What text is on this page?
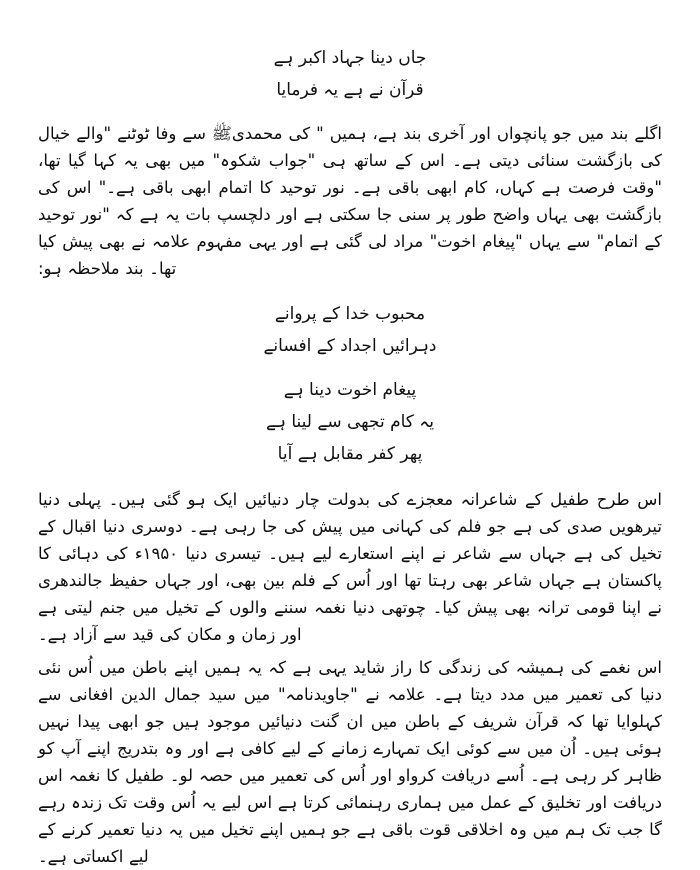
جاں دینا جہاد اکبر ہے
قرآن نے ہے یہ فرمایا

اگلے بند میں جو پانچواں اور آخری بند ہے، ہمیں " کی محمدیﷺ سے وفا ٹوٹنے "والے خیال کی بازگشت سنائی دیتی ہے۔ اس کے ساتھ ہی "جواب شکوہ" میں بھی یہ کہا گیا تھا، "وقت فرصت ہے کہاں، کام ابھی باقی ہے۔ نور توحید کا اتمام ابھی باقی ہے۔" اس کی بازگشت بھی یہاں واضح طور پر سنی جا سکتی ہے اور دلچسپ بات یہ ہے کہ "نور توحید کے اتمام" سے یہاں "پیغام اخوت" مراد لی گئی ہے اور یہی مفہوم علامہ نے بھی پیش کیا تھا۔ بند ملاحظہ ہو:

محبوب خدا کے پروانے
دہرائیں اجداد کے افسانے
پیغام اخوت دینا ہے
یہ کام تجھی سے لینا ہے
پھر کفر مقابل ہے آیا

اس طرح طفیل کے شاعرانہ معجزے کی بدولت چار دنیائیں ایک ہو گئی ہیں۔ پہلی دنیا تیرھویں صدی کی ہے جو فلم کی کہانی میں پیش کی جا رہی ہے۔ دوسری دنیا اقبال کے تخیل کی ہے جہاں سے شاعر نے اپنے استعارے لیے ہیں۔ تیسری دنیا ۱۹۵۰ء کی دہائی کا پاکستان ہے جہاں شاعر بھی رہتا تھا اور اُس کے فلم بین بھی، اور جہاں حفیظ جالندھری نے اپنا قومی ترانہ بھی پیش کیا۔ چوتھی دنیا نغمہ سننے والوں کے تخیل میں جنم لیتی ہے اور زمان و مکان کی قید سے آزاد ہے۔

اس نغمے کی ہمیشہ کی زندگی کا راز شاید یہی ہے کہ یہ ہمیں اپنے باطن میں اُس نئی دنیا کی تعمیر میں مدد دیتا ہے۔ علامہ نے "جاویدنامہ" میں سید جمال الدین افغانی سے کہلوایا تھا کہ قرآن شریف کے باطن میں ان گنت دنیائیں موجود ہیں جو ابھی پیدا نہیں ہوئی ہیں۔ اُن میں سے کوئی ایک تمہارے زمانے کے لیے کافی ہے اور وہ بتدریج اپنے آپ کو ظاہر کر رہی ہے۔ اُسے دریافت کرواو اور اُس کی تعمیر میں حصہ لو۔ طفیل کا نغمہ اس دریافت اور تخلیق کے عمل میں ہماری رہنمائی کرتا ہے اس لیے یہ اُس وقت تک زندہ رہے گا جب تک ہم میں وہ اخلاقی قوت باقی ہے جو ہمیں اپنے تخیل میں یہ دنیا تعمیر کرنے کے لیے اکساتی ہے۔
